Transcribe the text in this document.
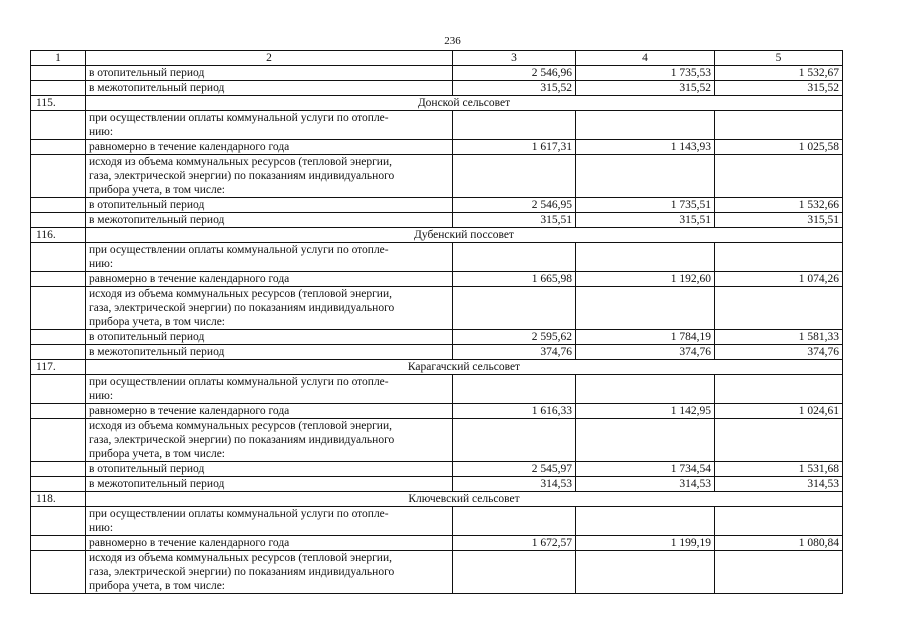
236
1	2	3	4	5
	в отопительный период	2 546,96	1 735,53	1 532,67
	в межотопительный период	315,52	315,52	315,52
115.	Донской сельсовет			
	при осуществлении оплаты коммунальной услуги по отопле-
нию:			
	равномерно в течение календарного года	1 617,31	1 143,93	1 025,58
	исходя из объема коммунальных ресурсов (тепловой энергии,
газа, электрической энергии) по показаниям индивидуального
прибора учета, в том числе:			
	в отопительный период	2 546,95	1 735,51	1 532,66
	в межотопительный период	315,51	315,51	315,51
116.	Дубенский поссовет			
	при осуществлении оплаты коммунальной услуги по отопле-
нию:			
	равномерно в течение календарного года	1 665,98	1 192,60	1 074,26
	исходя из объема коммунальных ресурсов (тепловой энергии,
газа, электрической энергии) по показаниям индивидуального
прибора учета, в том числе:			
	в отопительный период	2 595,62	1 784,19	1 581,33
	в межотопительный период	374,76	374,76	374,76
117.	Карагачский сельсовет			
	при осуществлении оплаты коммунальной услуги по отопле-
нию:			
	равномерно в течение календарного года	1 616,33	1 142,95	1 024,61
	исходя из объема коммунальных ресурсов (тепловой энергии,
газа, электрической энергии) по показаниям индивидуального
прибора учета, в том числе:			
	в отопительный период	2 545,97	1 734,54	1 531,68
	в межотопительный период	314,53	314,53	314,53
118.	Ключевский сельсовет			
	при осуществлении оплаты коммунальной услуги по отопле-
нию:			
	равномерно в течение календарного года	1 672,57	1 199,19	1 080,84
	исходя из объема коммунальных ресурсов (тепловой энергии,
газа, электрической энергии) по показаниям индивидуального
прибора учета, в том числе:			
